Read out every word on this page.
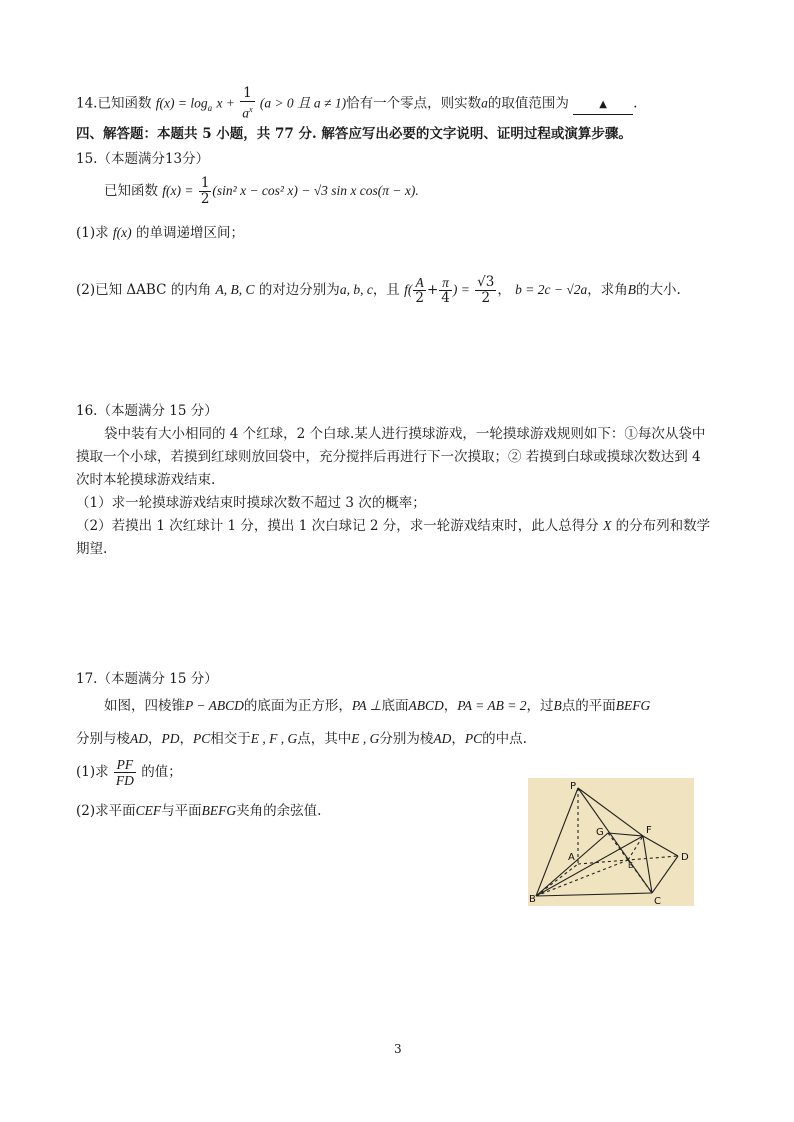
14.已知函数 $f(x) = \log_a x + \frac{1}{a^x} (a > 0$ 且 a ≠ 1)恰有一个零点，则实数a的取值范围为	▲ .
四、解答题：本题共 5 小题，共 77 分. 解答应写出必要的文字说明、证明过程或演算步骤。
15.（本题满分13分）
已知函数 $f(x) = \frac{1}{2} (\sin^2$ x − cos² x) − √3 sin x cos(π − x).
(1)求 f(x) 的单调递增区间；
(2)已知 ΔABC 的内角 A, B, C 的对边分别为a, b, c，且 $f( \frac{A}{2} + \frac{\pi}{4}$ ) = $\frac{√3}{2}$ ， b = 2c − √2a，求角B的大小.
16.（本题满分 15 分）
袋中装有大小相同的 4 个红球，2 个白球.某人进行摸球游戏，一轮摸球游戏规则如下：①每次从袋中
摸取一个小球，若摸到红球则放回袋中，充分搅拌后再进行下一次摸取；② 若摸到白球或摸球次数达到 4
次时本轮摸球游戏结束.
（1）求一轮摸球游戏结束时摸球次数不超过 3 次的概率；
（2）若摸出 1 次红球计 1 分，摸出 1 次白球记 2 分，求一轮游戏结束时，此人总得分 X 的分布列和数学
期望.
17.（本题满分 15 分）
如图，四棱锥P − ABCD的底面为正方形，PA ⊥底面ABCD，PA = AB = 2，过B点的平面BEFG
分别与棱AD，PD，PC相交于E , F , G点，其中E , G分别为棱AD，PC的中点.
(1)求 $\frac{PF}{FD}$ 的值；
(2)求平面CEF与平面BEFG夹角的余弦值.
P
G	F
A
E
D
B	C
3
